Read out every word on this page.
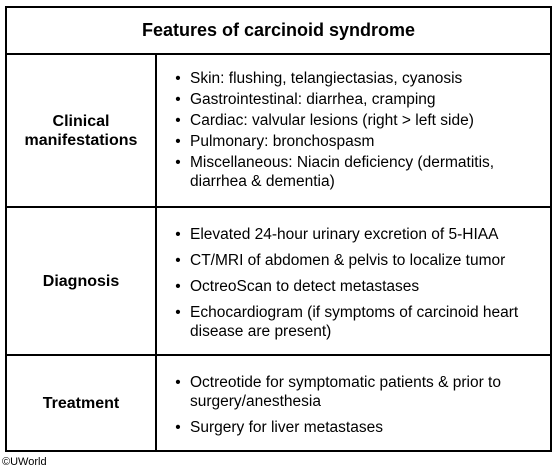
Features of carcinoid syndrome
Clinical
manifestations
• Skin: flushing, telangiectasias, cyanosis
• Gastrointestinal: diarrhea, cramping
• Cardiac: valvular lesions (right > left side)
• Pulmonary: bronchospasm
• Miscellaneous: Niacin deficiency (dermatitis, diarrhea & dementia)
Diagnosis
• Elevated 24-hour urinary excretion of 5-HIAA
• CT/MRI of abdomen & pelvis to localize tumor
• OctreoScan to detect metastases
• Echocardiogram (if symptoms of carcinoid heart disease are present)
Treatment
• Octreotide for symptomatic patients & prior to surgery/anesthesia
• Surgery for liver metastases
©UWorld
